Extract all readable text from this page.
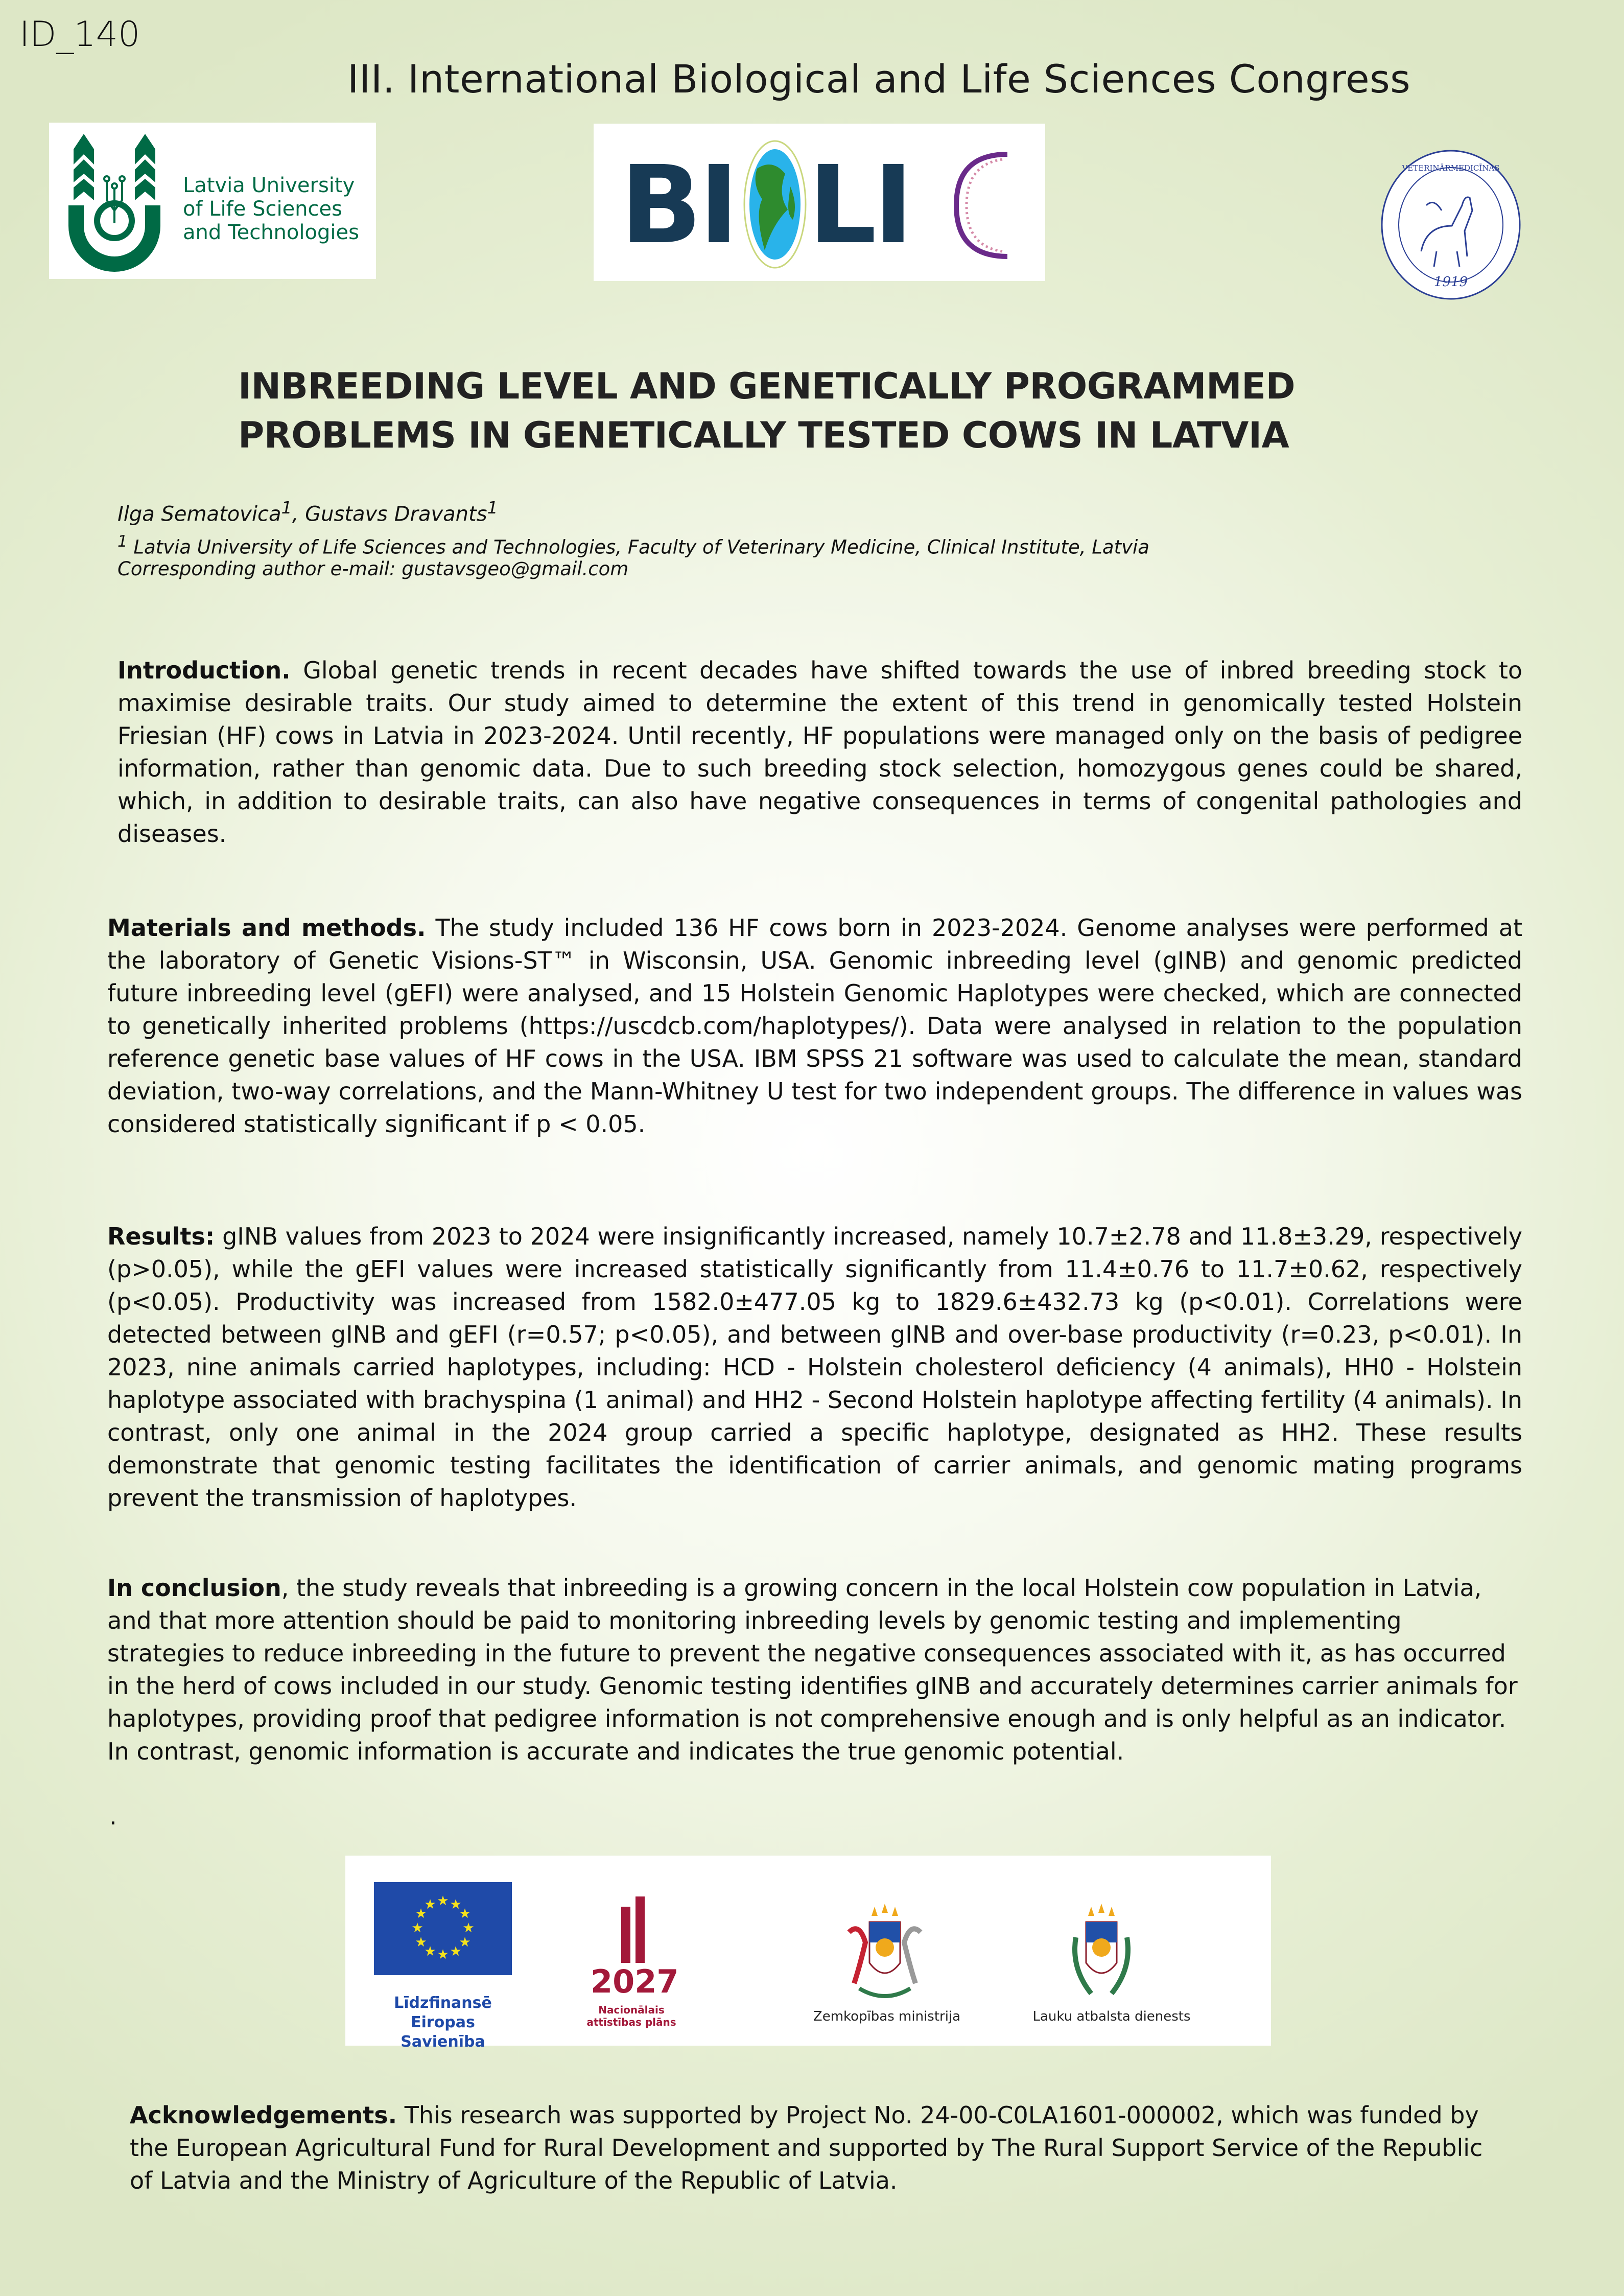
ID_140
III. International Biological and Life Sciences Congress
Latvia University
of Life Sciences
and Technologies BI LI
1919
VETERINĀRMEDICĪNAS
INBREEDING LEVEL AND GENETICALLY PROGRAMMED
PROBLEMS IN GENETICALLY TESTED COWS IN LATVIA
Ilga Sematovica$^1$, Gustavs Dravants$^1$
$^1$ Latvia University of Life Sciences and Technologies, Faculty of Veterinary Medicine, Clinical Institute, Latvia
Corresponding author e-mail: gustavsgeo@gmail.com
Introduction. Global genetic trends in recent decades have shifted towards the use of inbred breeding stock to maximise desirable traits. Our study aimed to determine the extent of this trend in genomically tested Holstein Friesian (HF) cows in Latvia in 2023-2024. Until recently, HF populations were managed only on the basis of pedigree information, rather than genomic data. Due to such breeding stock selection, homozygous genes could be shared, which, in addition to desirable traits, can also have negative consequences in terms of congenital pathologies and diseases.
Materials and methods. The study included 136 HF cows born in 2023-2024. Genome analyses were performed at the laboratory of Genetic Visions-ST™ in Wisconsin, USA. Genomic inbreeding level (gINB) and genomic predicted future inbreeding level (gEFI) were analysed, and 15 Holstein Genomic Haplotypes were checked, which are connected to genetically inherited problems (https://uscdcb.com/haplotypes/). Data were analysed in relation to the population reference genetic base values of HF cows in the USA. IBM SPSS 21 software was used to calculate the mean, standard deviation, two-way correlations, and the Mann-Whitney U test for two independent groups. The difference in values was considered statistically significant if p < 0.05.
Results: gINB values from 2023 to 2024 were insignificantly increased, namely 10.7±2.78 and 11.8±3.29, respectively (p>0.05), while the gEFI values were increased statistically significantly from 11.4±0.76 to 11.7±0.62, respectively (p<0.05). Productivity was increased from 1582.0±477.05 kg to 1829.6±432.73 kg (p<0.01). Correlations were detected between gINB and gEFI (r=0.57; p<0.05), and between gINB and over-base productivity (r=0.23, p<0.01). In 2023, nine animals carried haplotypes, including: HCD - Holstein cholesterol deficiency (4 animals), HH0 - Holstein haplotype associated with brachyspina (1 animal) and HH2 - Second Holstein haplotype affecting fertility (4 animals). In contrast, only one animal in the 2024 group carried a specific haplotype, designated as HH2. These results demonstrate that genomic testing facilitates the identification of carrier animals, and genomic mating programs prevent the transmission of haplotypes.
In conclusion, the study reveals that inbreeding is a growing concern in the local Holstein cow population in Latvia, and that more attention should be paid to monitoring inbreeding levels by genomic testing and implementing strategies to reduce inbreeding in the future to prevent the negative consequences associated with it, as has occurred in the herd of cows included in our study. Genomic testing identifies gINB and accurately determines carrier animals for haplotypes, providing proof that pedigree information is not comprehensive enough and is only helpful as an indicator. In contrast, genomic information is accurate and indicates the true genomic potential.
.
★ ★
★
★
★
★
★
★
★
★
★
★
Līdzfinansē
Eiropas Savienība
2027
Nacionālais
attīstības plāns	Zemkopības ministrija	Lauku atbalsta dienests
Acknowledgements. This research was supported by Project No. 24-00-C0LA1601-000002, which was funded by the European Agricultural Fund for Rural Development and supported by The Rural Support Service of the Republic of Latvia and the Ministry of Agriculture of the Republic of Latvia.
